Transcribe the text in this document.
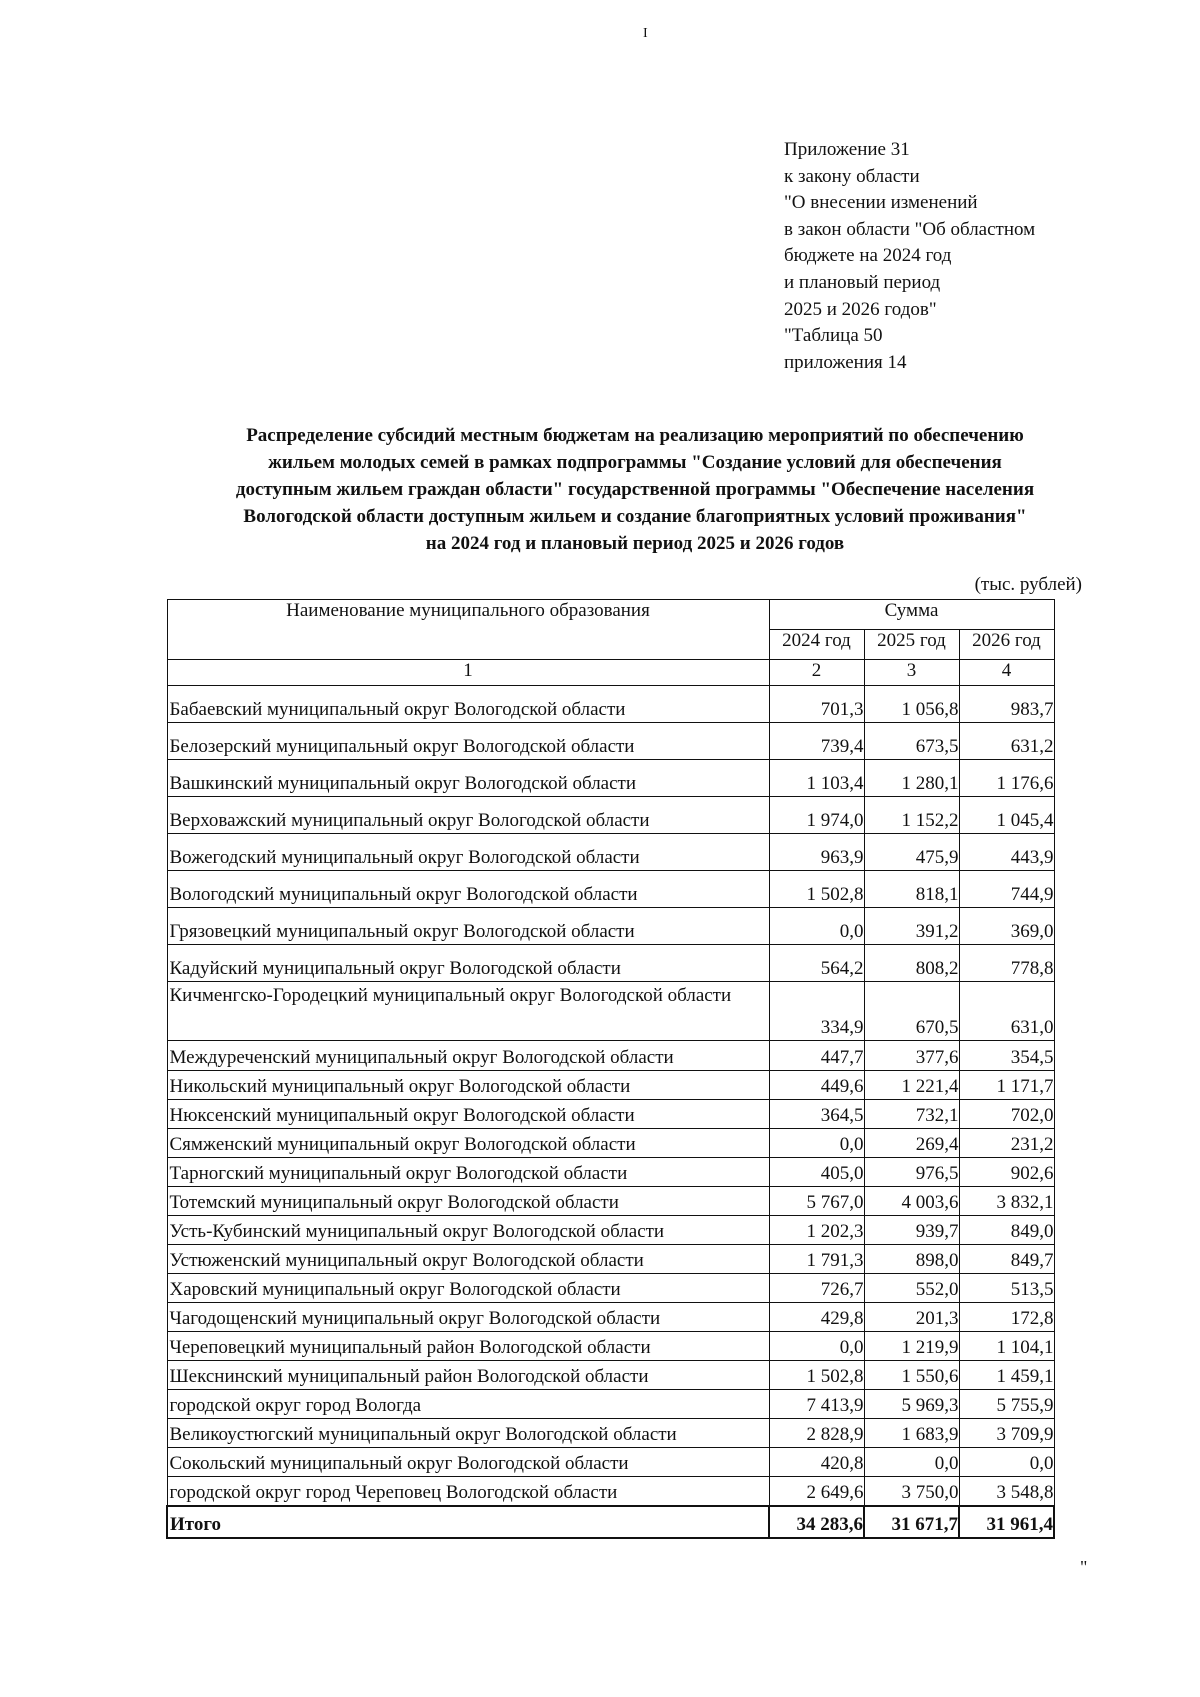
I
Приложение 31
к закону области
"О внесении изменений
в закон области "Об областном
бюджете на 2024 год
и плановый период
2025 и 2026 годов"
"Таблица 50
приложения 14
Распределение субсидий местным бюджетам на реализацию мероприятий по обеспечению
жильем молодых семей в рамках подпрограммы "Создание условий для обеспечения
доступным жильем граждан области" государственной программы "Обеспечение населения
Вологодской области доступным жильем и создание благоприятных условий проживания"
на 2024 год и плановый период 2025 и 2026 годов
(тыс. рублей)
Наименование муниципального образования	Сумма		
	2024 год	2025 год	2026 год
1	2	3	4
Бабаевский муниципальный округ Вологодской области	701,3	1 056,8	983,7
Белозерский муниципальный округ Вологодской области	739,4	673,5	631,2
Вашкинский муниципальный округ Вологодской области	1 103,4	1 280,1	1 176,6
Верховажский муниципальный округ Вологодской области	1 974,0	1 152,2	1 045,4
Вожегодский муниципальный округ Вологодской области	963,9	475,9	443,9
Вологодский муниципальный округ Вологодской области	1 502,8	818,1	744,9
Грязовецкий муниципальный округ Вологодской области	0,0	391,2	369,0
Кадуйский муниципальный округ Вологодской области	564,2	808,2	778,8
Кичменгско-Городецкий муниципальный округ Вологодской области	334,9	670,5	631,0
Междуреченский муниципальный округ Вологодской области	447,7	377,6	354,5
Никольский муниципальный округ Вологодской области	449,6	1 221,4	1 171,7
Нюксенский муниципальный округ Вологодской области	364,5	732,1	702,0
Сямженский муниципальный округ Вологодской области	0,0	269,4	231,2
Тарногский муниципальный округ Вологодской области	405,0	976,5	902,6
Тотемский муниципальный округ Вологодской области	5 767,0	4 003,6	3 832,1
Усть-Кубинский муниципальный округ Вологодской области	1 202,3	939,7	849,0
Устюженский муниципальный округ Вологодской области	1 791,3	898,0	849,7
Харовский муниципальный округ Вологодской области	726,7	552,0	513,5
Чагодощенский муниципальный округ Вологодской области	429,8	201,3	172,8
Череповецкий муниципальный район Вологодской области	0,0	1 219,9	1 104,1
Шекснинский муниципальный район Вологодской области	1 502,8	1 550,6	1 459,1
городской округ город Вологда	7 413,9	5 969,3	5 755,9
Великоустюгский муниципальный округ Вологодской области	2 828,9	1 683,9	3 709,9
Сокольский муниципальный округ Вологодской области	420,8	0,0	0,0
городской округ город Череповец Вологодской области	2 649,6	3 750,0	3 548,8
Итого	34 283,6	31 671,7	31 961,4
"
